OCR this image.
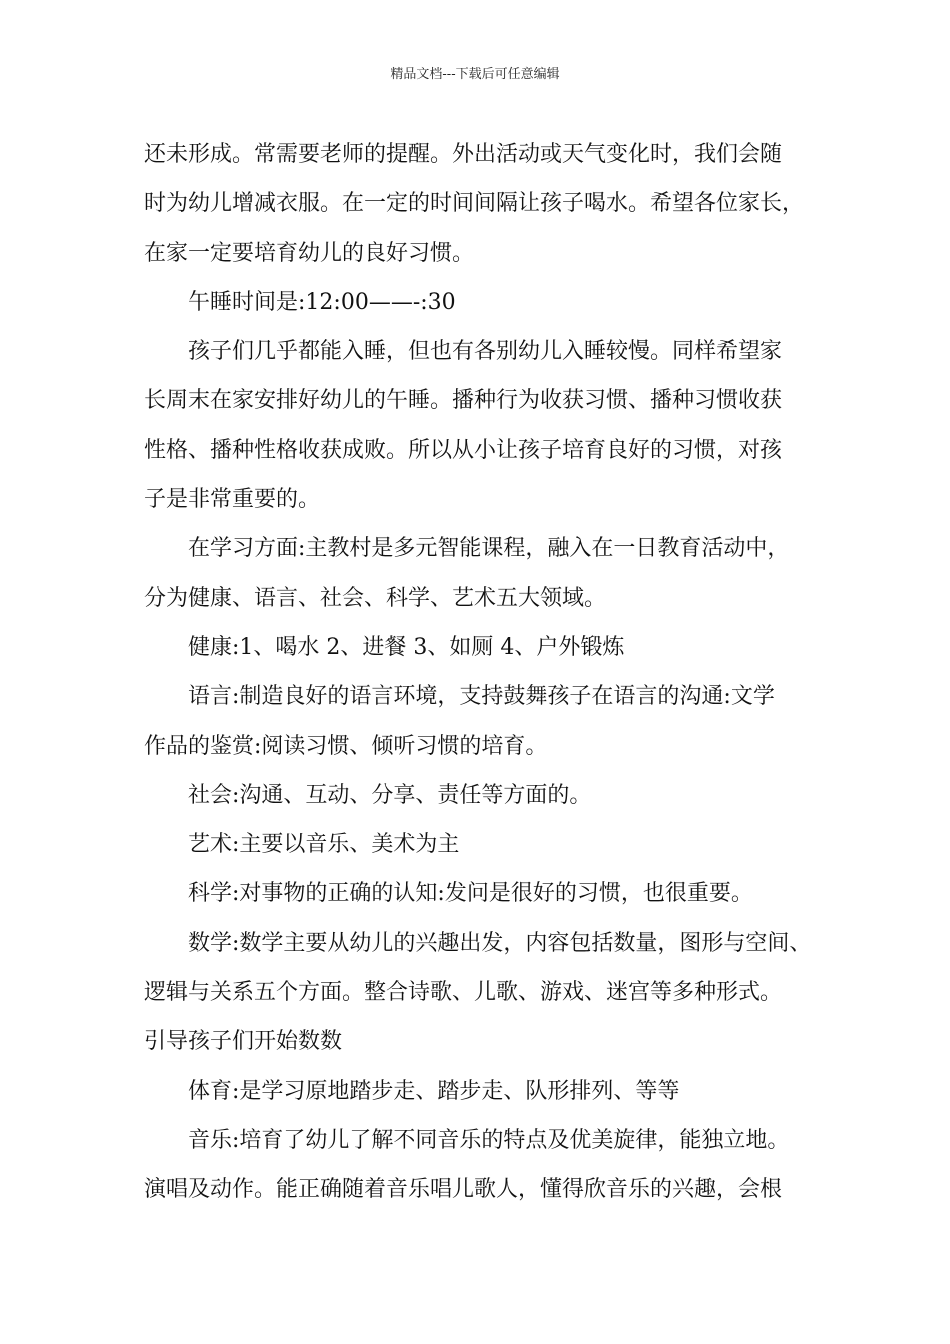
精品文档---下载后可任意编辑
还未形成。常需要老师的提醒。外出活动或天气变化时，我们会随
时为幼儿增减衣服。在一定的时间间隔让孩子喝水。希望各位家长，
在家一定要培育幼儿的良好习惯。
午睡时间是:12:00——-:30
孩子们几乎都能入睡，但也有各别幼儿入睡较慢。同样希望家
长周末在家安排好幼儿的午睡。播种行为收获习惯、播种习惯收获
性格、播种性格收获成败。所以从小让孩子培育良好的习惯，对孩
子是非常重要的。
在学习方面:主教村是多元智能课程，融入在一日教育活动中，
分为健康、语言、社会、科学、艺术五大领域。
健康:1、喝水 2、进餐 3、如厕 4、户外锻炼
语言:制造良好的语言环境，支持鼓舞孩子在语言的沟通:文学
作品的鉴赏:阅读习惯、倾听习惯的培育。
社会:沟通、互动、分享、责任等方面的。
艺术:主要以音乐、美术为主
科学:对事物的正确的认知:发问是很好的习惯，也很重要。
数学:数学主要从幼儿的兴趣出发，内容包括数量，图形与空间、
逻辑与关系五个方面。整合诗歌、儿歌、游戏、迷宫等多种形式。
引导孩子们开始数数
体育:是学习原地踏步走、踏步走、队形排列、等等
音乐:培育了幼儿了解不同音乐的特点及优美旋律，能独立地。
演唱及动作。能正确随着音乐唱儿歌人，懂得欣音乐的兴趣，会根
